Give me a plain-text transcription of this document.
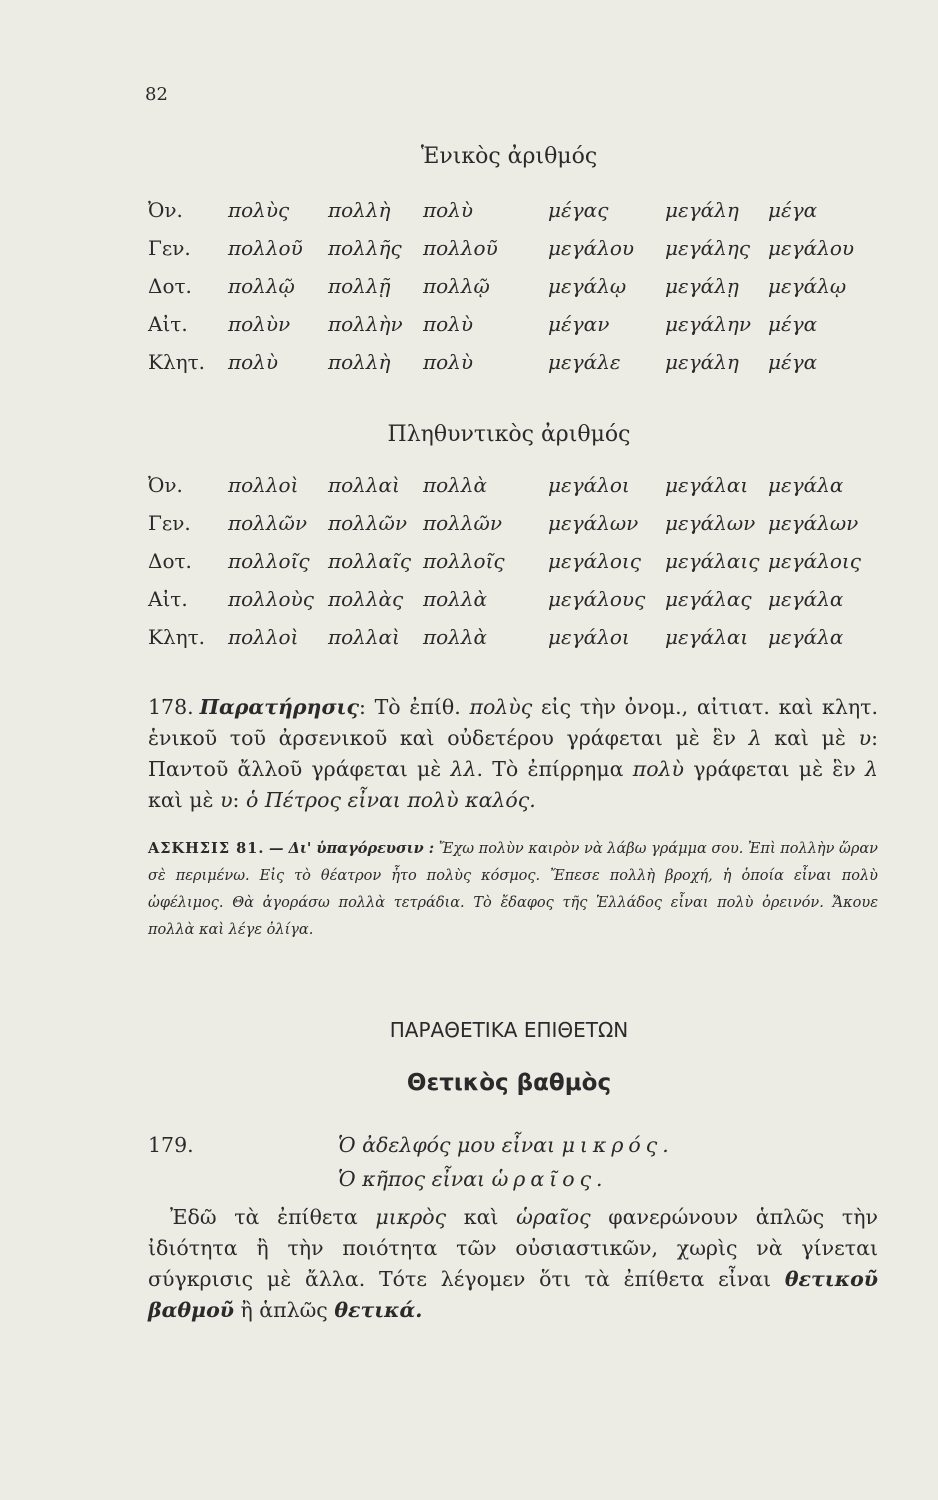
82
Ἑνικὸς ἀριθμός
Ὀν.	πολὺς	πολλὴ	πολὺ	μέγας	μεγάλη	μέγα
Γεν.	πολλοῦ	πολλῆς	πολλοῦ	μεγάλου	μεγάλης	μεγάλου
Δοτ.	πολλῷ	πολλῇ	πολλῷ	μεγάλῳ	μεγάλῃ	μεγάλῳ
Αἰτ.	πολὺν	πολλὴν	πολὺ	μέγαν	μεγάλην	μέγα
Κλητ.	πολὺ	πολλὴ	πολὺ	μεγάλε	μεγάλη	μέγα
Πληθυντικὸς ἀριθμός
Ὀν.	πολλοὶ	πολλαὶ	πολλὰ	μεγάλοι	μεγάλαι	μεγάλα
Γεν.	πολλῶν	πολλῶν	πολλῶν	μεγάλων	μεγάλων	μεγάλων
Δοτ.	πολλοῖς	πολλαῖς	πολλοῖς	μεγάλοις	μεγάλαις	μεγάλοις
Αἰτ.	πολλοὺς	πολλὰς	πολλὰ	μεγάλους	μεγάλας	μεγάλα
Κλητ.	πολλοὶ	πολλαὶ	πολλὰ	μεγάλοι	μεγάλαι	μεγάλα
178. Παρατήρησις: Τὸ ἐπίθ. πολὺς εἰς τὴν ὀνομ., αἰτιατ. καὶ κλητ. ἑνικοῦ τοῦ ἀρσενικοῦ καὶ οὐδετέρου γράφεται μὲ ἓν λ καὶ μὲ υ: Παντοῦ ἄλλοῦ γράφεται μὲ λλ. Τὸ ἐπίρρημα πολὺ γράφεται μὲ ἓν λ καὶ μὲ υ: ὁ Πέτρος εἶναι πολὺ καλός.
ΑΣΚΗΣΙΣ 81. — Δι' ὑπαγόρευσιν : Ἔχω πολὺν καιρὸν νὰ λάβω γράμμα σου. Ἐπὶ πολλὴν ὥραν σὲ περιμένω. Εἰς τὸ θέατρον ἦτο πολὺς κόσμος. Ἔπεσε πολλὴ βροχή, ἡ ὁποία εἶναι πολὺ ὠφέλιμος. Θὰ ἀγοράσω πολλὰ τετράδια. Τὸ ἔδαφος τῆς Ἑλλάδος εἶναι πολὺ ὀρεινόν. Ἄκουε πολλὰ καὶ λέγε ὀλίγα.
ΠΑΡΑΘΕΤΙΚΑ ΕΠΙΘΕΤΩΝ
Θετικὸς βαθμὸς
179.	Ὁ ἀδελφός μου εἶναι μικρός.
Ὁ κῆπος εἶναι ὡραῖος.
Ἐδῶ τὰ ἐπίθετα μικρὸς καὶ ὡραῖος φανερώνουν ἁπλῶς τὴν ἰδιότητα ἢ τὴν ποιότητα τῶν οὐσιαστικῶν, χωρὶς νὰ γίνεται σύγκρισις μὲ ἄλλα. Τότε λέγομεν ὅτι τὰ ἐπίθετα εἶναι θετικοῦ βαθμοῦ ἢ ἁπλῶς θετικά.
